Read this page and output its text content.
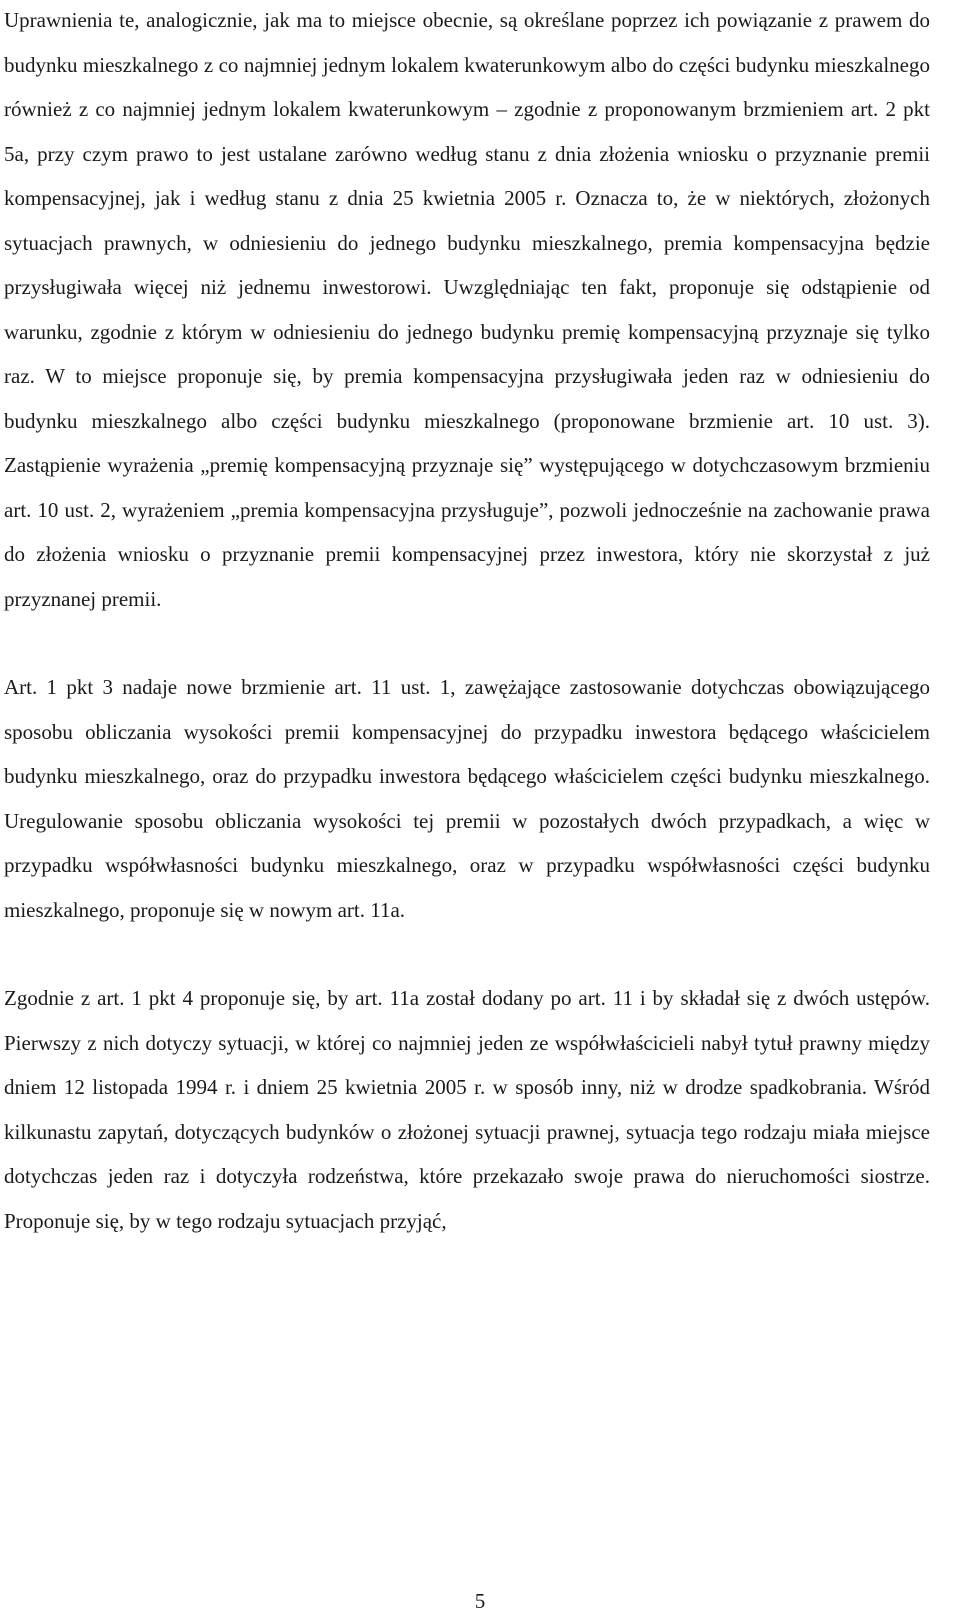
Uprawnienia te, analogicznie, jak ma to miejsce obecnie, są określane poprzez ich powiązanie z prawem do budynku mieszkalnego z co najmniej jednym lokalem kwaterunkowym albo do części budynku mieszkalnego również z co najmniej jednym lokalem kwaterunkowym – zgodnie z proponowanym brzmieniem art. 2 pkt 5a, przy czym prawo to jest ustalane zarówno według stanu z dnia złożenia wniosku o przyznanie premii kompensacyjnej, jak i według stanu z dnia 25 kwietnia 2005 r. Oznacza to, że w niektórych, złożonych sytuacjach prawnych, w odniesieniu do jednego budynku mieszkalnego, premia kompensacyjna będzie przysługiwała więcej niż jednemu inwestorowi. Uwzględniając ten fakt, proponuje się odstąpienie od warunku, zgodnie z którym w odniesieniu do jednego budynku premię kompensacyjną przyznaje się tylko raz. W to miejsce proponuje się, by premia kompensacyjna przysługiwała jeden raz w odniesieniu do budynku mieszkalnego albo części budynku mieszkalnego (proponowane brzmienie art. 10 ust. 3). Zastąpienie wyrażenia „premię kompensacyjną przyznaje się” występującego w dotychczasowym brzmieniu art. 10 ust. 2, wyrażeniem „premia kompensacyjna przysługuje”, pozwoli jednocześnie na zachowanie prawa do złożenia wniosku o przyznanie premii kompensacyjnej przez inwestora, który nie skorzystał z już przyznanej premii.

Art. 1 pkt 3 nadaje nowe brzmienie art. 11 ust. 1, zawężające zastosowanie dotychczas obowiązującego sposobu obliczania wysokości premii kompensacyjnej do przypadku inwestora będącego właścicielem budynku mieszkalnego, oraz do przypadku inwestora będącego właścicielem części budynku mieszkalnego. Uregulowanie sposobu obliczania wysokości tej premii w pozostałych dwóch przypadkach, a więc w przypadku współwłasności budynku mieszkalnego, oraz w przypadku współwłasności części budynku mieszkalnego, proponuje się w nowym art. 11a.

Zgodnie z art. 1 pkt 4 proponuje się, by art. 11a został dodany po art. 11 i by składał się z dwóch ustępów. Pierwszy z nich dotyczy sytuacji, w której co najmniej jeden ze współwłaścicieli nabył tytuł prawny między dniem 12 listopada 1994 r. i dniem 25 kwietnia 2005 r. w sposób inny, niż w drodze spadkobrania. Wśród kilkunastu zapytań, dotyczących budynków o złożonej sytuacji prawnej, sytuacja tego rodzaju miała miejsce dotychczas jeden raz i dotyczyła rodzeństwa, które przekazało swoje prawa do nieruchomości siostrze. Proponuje się, by w tego rodzaju sytuacjach przyjąć,

5
